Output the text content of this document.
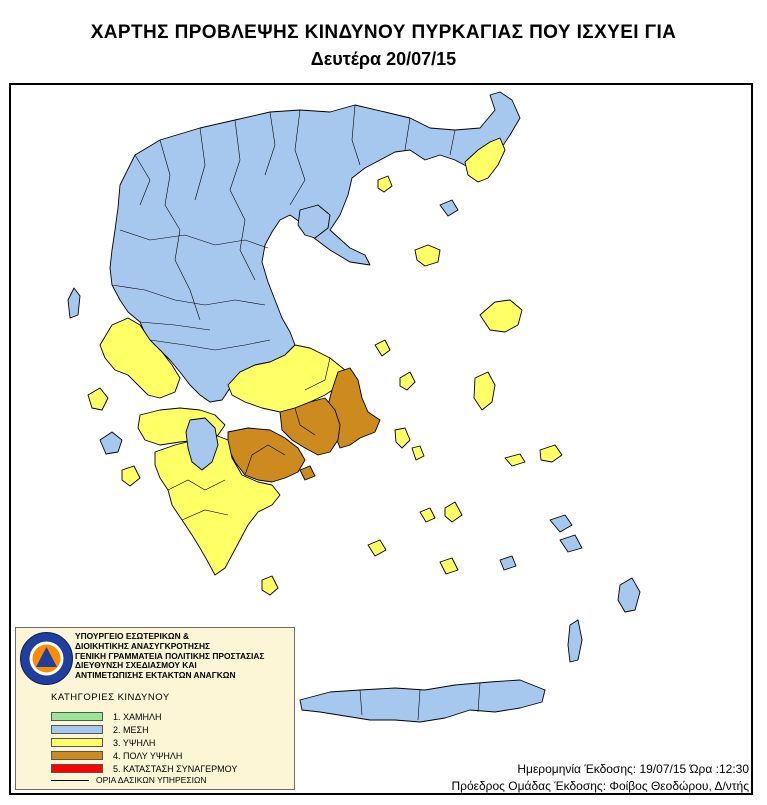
ΧΑΡΤΗΣ ΠΡΟΒΛΕΨΗΣ ΚΙΝΔΥΝΟΥ ΠΥΡΚΑΓΙΑΣ ΠΟΥ ΙΣΧΥΕΙ ΓΙΑ
Δευτέρα 20/07/15
ΥΠΟΥΡΓΕΙΟ ΕΣΩΤΕΡΙΚΩΝ &
ΔΙΟΙΚΗΤΙΚΗΣ ΑΝΑΣΥΓΚΡΟΤΗΣΗΣ
ΓΕΝΙΚΗ ΓΡΑΜΜΑΤΕΙΑ ΠΟΛΙΤΙΚΗΣ ΠΡΟΣΤΑΣΙΑΣ
ΔΙΕΥΘΥΝΣΗ ΣΧΕΔΙΑΣΜΟΥ ΚΑΙ
ΑΝΤΙΜΕΤΩΠΙΣΗΣ ΕΚΤΑΚΤΩΝ ΑΝΑΓΚΩΝ
ΚΑΤΗΓΟΡΙΕΣ ΚΙΝΔΥΝΟΥ
1. ΧΑΜΗΛΗ
2. ΜΕΣΗ
3. ΥΨΗΛΗ
4. ΠΟΛΥ ΥΨΗΛΗ
5. ΚΑΤΑΣΤΑΣΗ ΣΥΝΑΓΕΡΜΟΥ
ΟΡΙΑ ΔΑΣΙΚΩΝ ΥΠΗΡΕΣΙΩΝ
Ημερομηνία Έκδοσης: 19/07/15 Ώρα :12:30
Πρόεδρος Ομάδας Έκδοσης: Φοίβος Θεοδώρου, Δ/ντής
